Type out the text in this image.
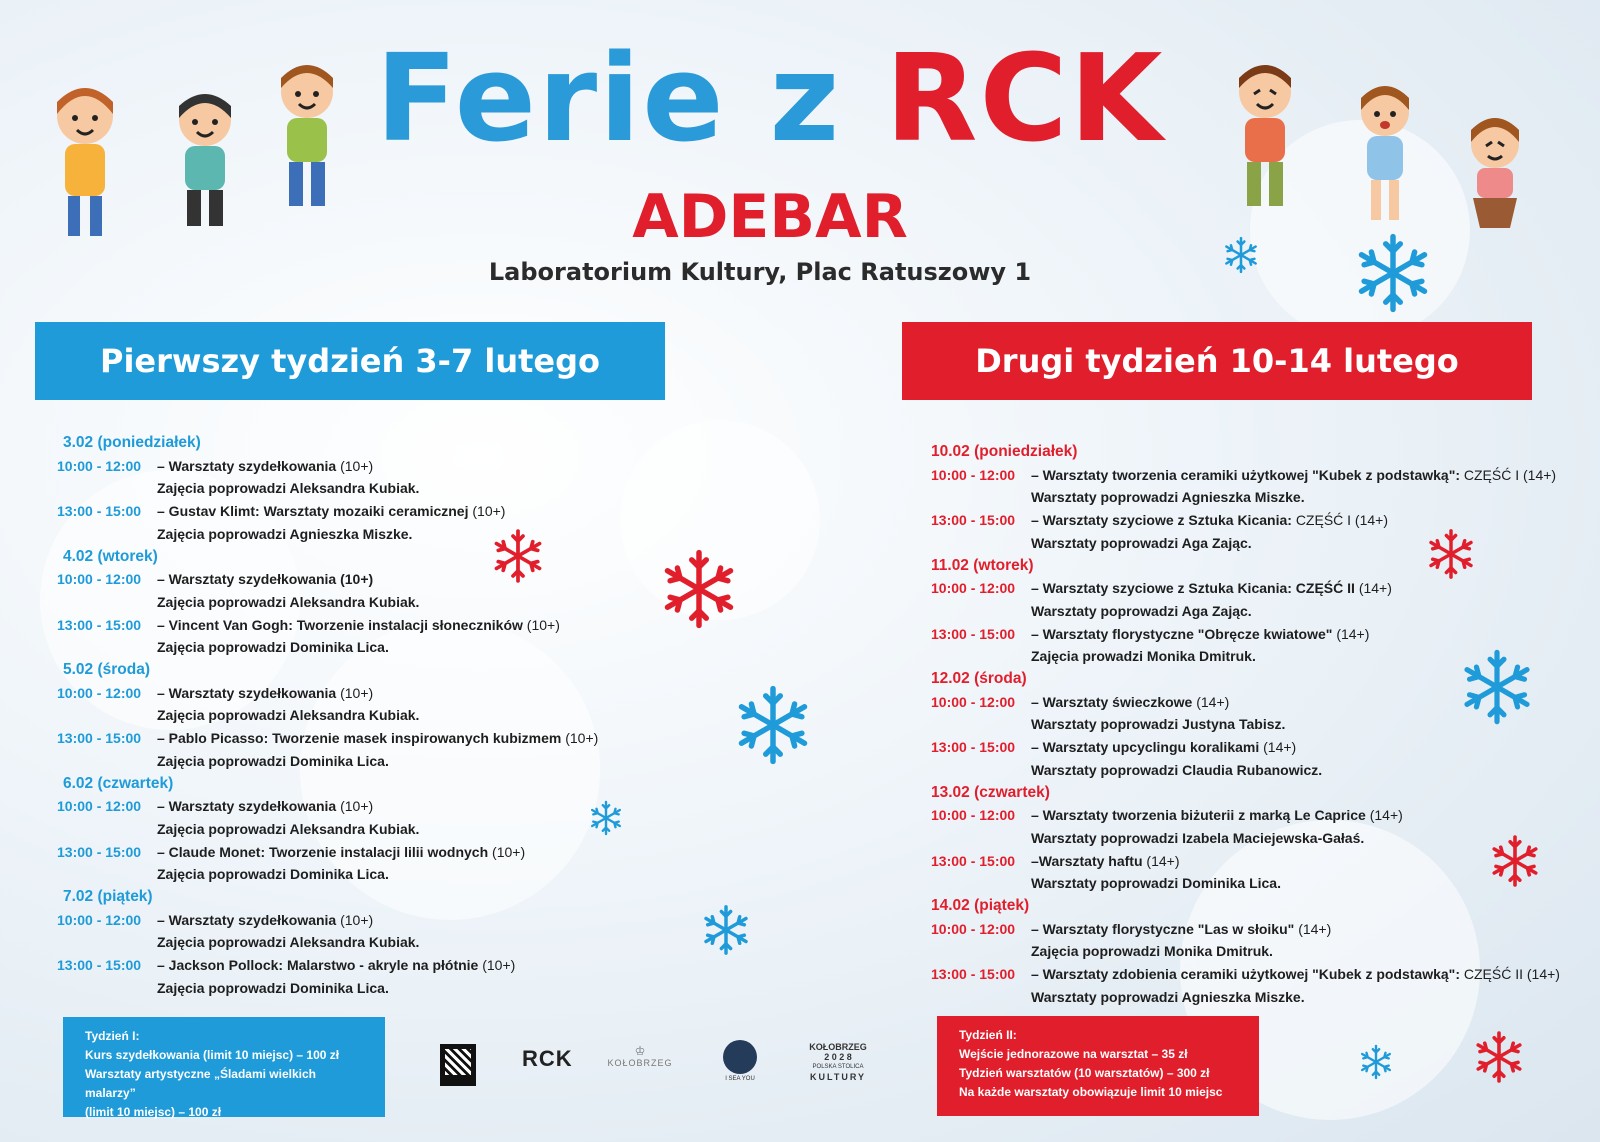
Ferie z RCK
ADEBAR
Laboratorium Kultury, Plac Ratuszowy 1
Pierwszy tydzień 3-7 lutego	Drugi tydzień 10-14 lutego
3.02 (poniedziałek)
10:00 - 12:00	– Warsztaty szydełkowania
(10+)
Zajęcia poprowadzi Aleksandra Kubiak.
13:00 - 15:00	– Gustav Klimt: Warsztaty mozaiki ceramicznej
(10+)
Zajęcia poprowadzi Agnieszka Miszke.
4.02 (wtorek)
10:00 - 12:00	– Warsztaty szydełkowania (10+)

Zajęcia poprowadzi Aleksandra Kubiak.
13:00 - 15:00	– Vincent Van Gogh: Tworzenie instalacji słoneczników
(10+)
Zajęcia poprowadzi Dominika Lica.
5.02 (środa)
10:00 - 12:00	– Warsztaty szydełkowania
(10+)
Zajęcia poprowadzi Aleksandra Kubiak.
13:00 - 15:00	– Pablo Picasso: Tworzenie masek inspirowanych kubizmem
(10+)
Zajęcia poprowadzi Dominika Lica.
6.02 (czwartek)
10:00 - 12:00	– Warsztaty szydełkowania
(10+)
Zajęcia poprowadzi Aleksandra Kubiak.
13:00 - 15:00	– Claude Monet: Tworzenie instalacji lilii wodnych
(10+)
Zajęcia poprowadzi Dominika Lica.
7.02 (piątek)
10:00 - 12:00	– Warsztaty szydełkowania
(10+)
Zajęcia poprowadzi Aleksandra Kubiak.
13:00 - 15:00	– Jackson Pollock: Malarstwo - akryle na płótnie
(10+)
Zajęcia poprowadzi Dominika Lica.
10.02 (poniedziałek)
10:00 - 12:00	– Warsztaty tworzenia ceramiki użytkowej "Kubek z podstawką":
CZĘŚĆ I (14+)
Warsztaty poprowadzi Agnieszka Miszke.
13:00 - 15:00	– Warsztaty szyciowe z Sztuka Kicania:
CZĘŚĆ I (14+)
Warsztaty poprowadzi Aga Zając.
11.02 (wtorek)
10:00 - 12:00	– Warsztaty szyciowe z Sztuka Kicania: CZĘŚĆ II
(14+)
Warsztaty poprowadzi Aga Zając.
13:00 - 15:00	– Warsztaty florystyczne "Obręcze kwiatowe"
(14+)
Zajęcia prowadzi Monika Dmitruk.
12.02 (środa)
10:00 - 12:00	– Warsztaty świeczkowe
(14+)
Warsztaty poprowadzi Justyna Tabisz.
13:00 - 15:00	– Warsztaty upcyclingu koralikami
(14+)
Warsztaty poprowadzi Claudia Rubanowicz.
13.02 (czwartek)
10:00 - 12:00	– Warsztaty tworzenia biżuterii z marką Le Caprice
(14+)
Warsztaty poprowadzi Izabela Maciejewska-Gałaś.
13:00 - 15:00	–Warsztaty haftu
(14+)
Warsztaty poprowadzi Dominika Lica.
14.02 (piątek)
10:00 - 12:00	– Warsztaty florystyczne "Las w słoiku"
(14+)
Zajęcia poprowadzi Monika Dmitruk.
13:00 - 15:00	– Warsztaty zdobienia ceramiki użytkowej "Kubek z podstawką":
CZĘŚĆ II (14+)
Warsztaty poprowadzi Agnieszka Miszke.
Tydzień I:
Kurs szydełkowania (limit 10 miejsc) – 100 zł
Warsztaty artystyczne „Śladami wielkich malarzy”
(limit 10 miejsc) – 100 zł
Tydzień II:
Wejście jednorazowe na warsztat – 35 zł
Tydzień warsztatów (10 warsztatów) – 300 zł
Na każde warsztaty obowiązuje limit 10 miejsc
RCK	♔
KOŁOBRZEG
I SEA YOU
KOŁOBRZEG
2 0 2 8
POLSKA STOLICA
KULTURY
